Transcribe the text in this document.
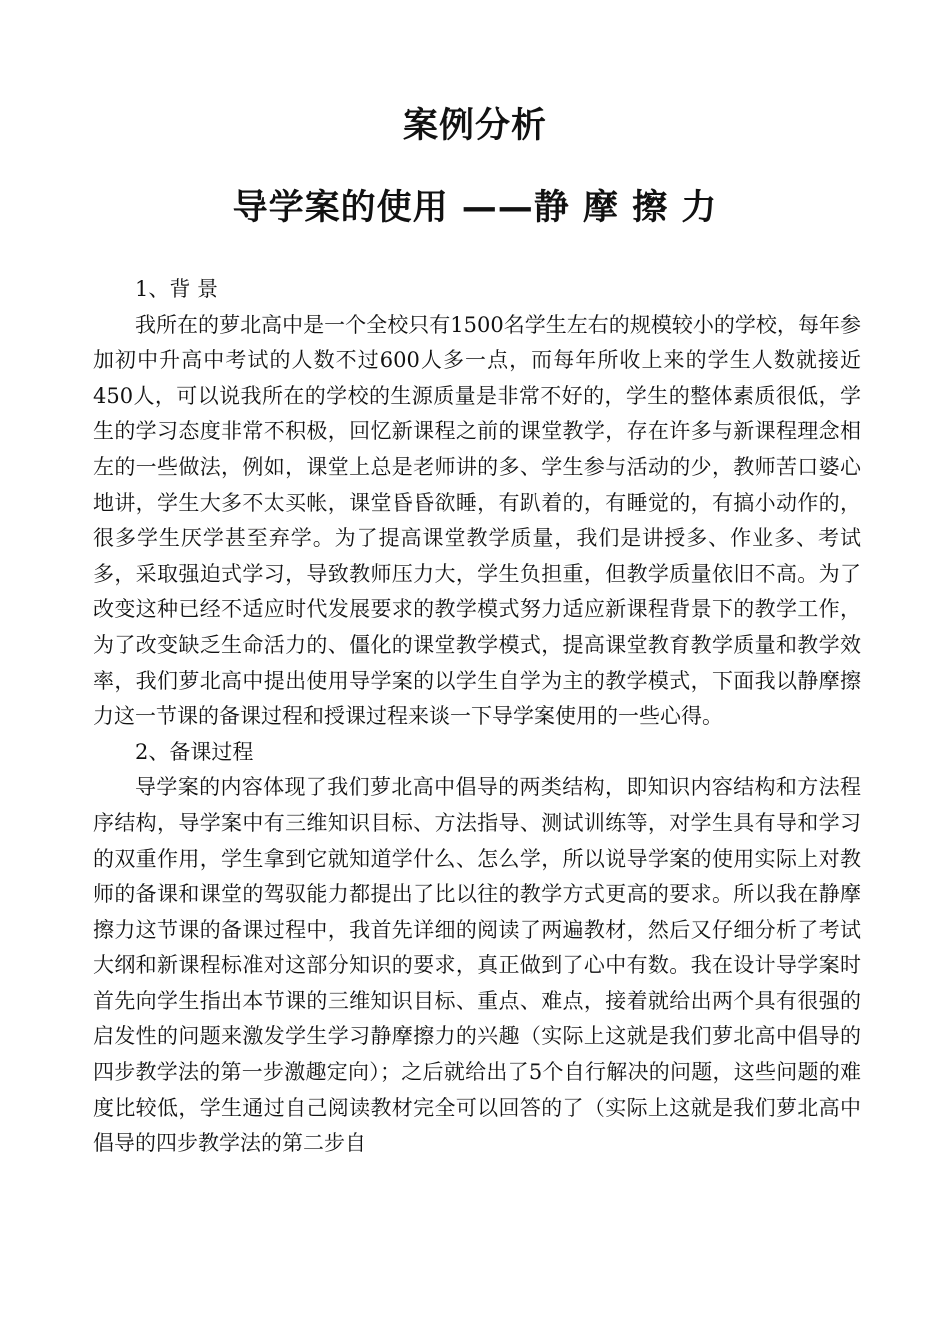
案例分析
导学案的使用 ——静 摩 擦 力

1、背 景

我所在的萝北高中是一个全校只有1500名学生左右的规模较小的学校，每年参加初中升高中考试的人数不过600人多一点，而每年所收上来的学生人数就接近450人，可以说我所在的学校的生源质量是非常不好的，学生的整体素质很低，学生的学习态度非常不积极，回忆新课程之前的课堂教学，存在许多与新课程理念相左的一些做法，例如，课堂上总是老师讲的多、学生参与活动的少，教师苦口婆心地讲，学生大多不太买帐，课堂昏昏欲睡，有趴着的，有睡觉的，有搞小动作的，很多学生厌学甚至弃学。为了提高课堂教学质量，我们是讲授多、作业多、考试多，采取强迫式学习，导致教师压力大，学生负担重，但教学质量依旧不高。为了改变这种已经不适应时代发展要求的教学模式努力适应新课程背景下的教学工作，为了改变缺乏生命活力的、僵化的课堂教学模式，提高课堂教育教学质量和教学效率，我们萝北高中提出使用导学案的以学生自学为主的教学模式，下面我以静摩擦力这一节课的备课过程和授课过程来谈一下导学案使用的一些心得。

2、备课过程

导学案的内容体现了我们萝北高中倡导的两类结构，即知识内容结构和方法程序结构，导学案中有三维知识目标、方法指导、测试训练等，对学生具有导和学习的双重作用，学生拿到它就知道学什么、怎么学，所以说导学案的使用实际上对教师的备课和课堂的驾驭能力都提出了比以往的教学方式更高的要求。所以我在静摩擦力这节课的备课过程中，我首先详细的阅读了两遍教材，然后又仔细分析了考试大纲和新课程标准对这部分知识的要求，真正做到了心中有数。我在设计导学案时首先向学生指出本节课的三维知识目标、重点、难点，接着就给出两个具有很强的启发性的问题来激发学生学习静摩擦力的兴趣（实际上这就是我们萝北高中倡导的四步教学法的第一步激趣定向）；之后就给出了5个自行解决的问题，这些问题的难度比较低，学生通过自己阅读教材完全可以回答的了（实际上这就是我们萝北高中倡导的四步教学法的第二步自
